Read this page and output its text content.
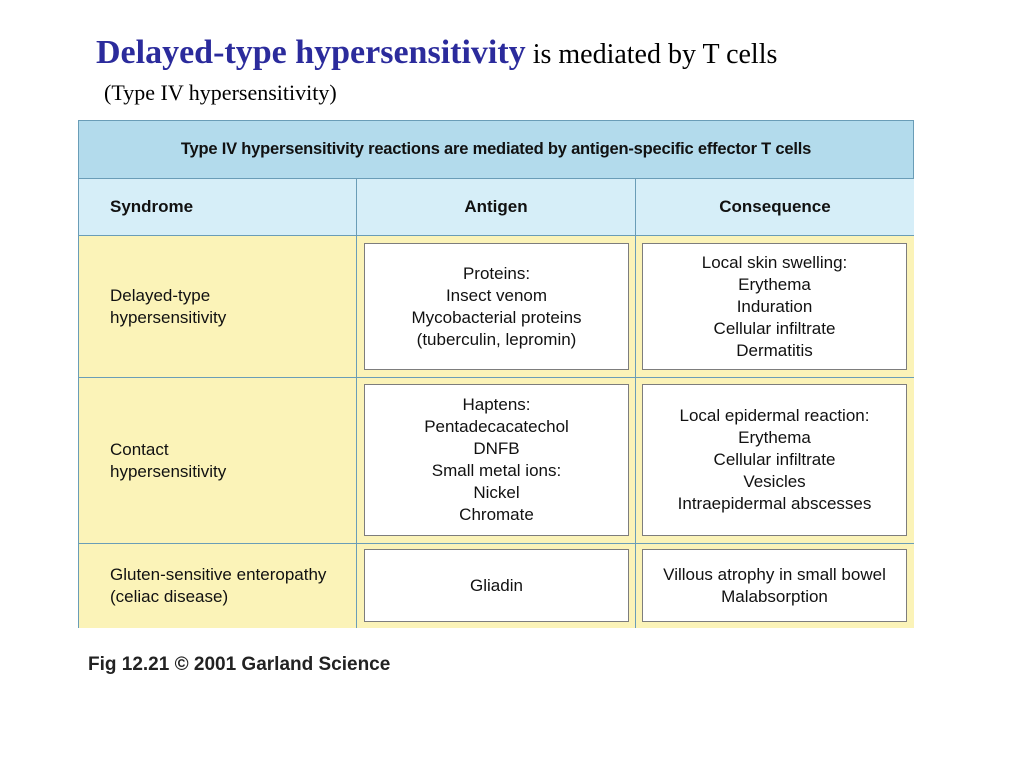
Delayed-type hypersensitivity is mediated by T cells
(Type IV hypersensitivity)
Type IV hypersensitivity reactions are mediated by antigen-specific effector T cells
Syndrome	Antigen	Consequence
Delayed-type
hypersensitivity
Proteins:
Insect venom
Mycobacterial proteins
(tuberculin, lepromin)
Local skin swelling:
Erythema
Induration
Cellular infiltrate
Dermatitis
Contact
hypersensitivity
Haptens:
Pentadecacatechol
DNFB
Small metal ions:
Nickel
Chromate
Local epidermal reaction:
Erythema
Cellular infiltrate
Vesicles
Intraepidermal abscesses
Gluten-sensitive enteropathy
(celiac disease)
Gliadin
Villous atrophy in small bowel
Malabsorption
Fig 12.21 © 2001 Garland Science
